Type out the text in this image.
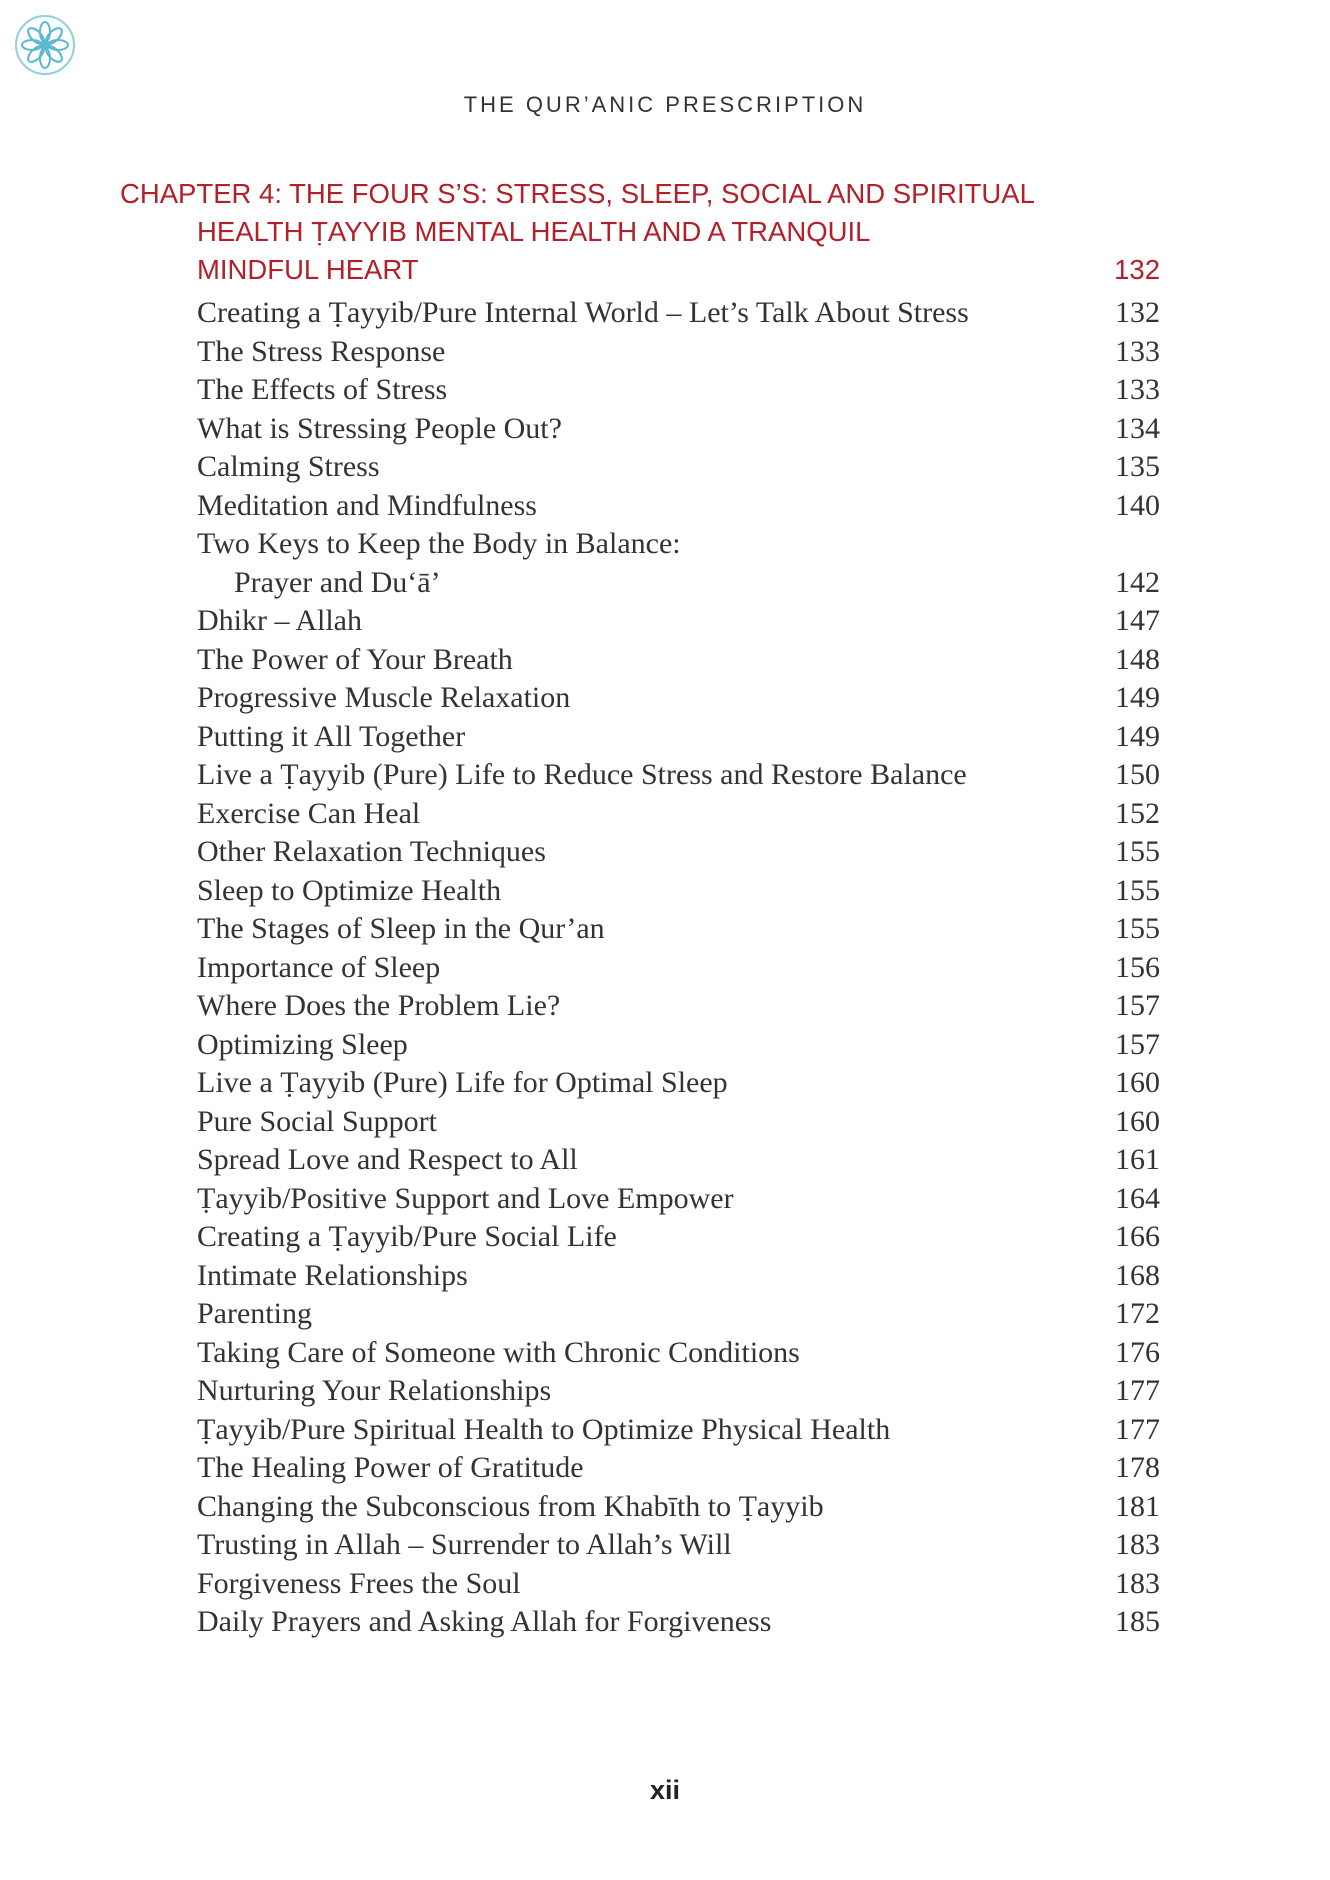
THE QUR’ANIC PRESCRIPTION
CHAPTER 4: THE FOUR S’S: STRESS, SLEEP, SOCIAL AND SPIRITUAL
HEALTH ṬAYYIB MENTAL HEALTH AND A TRANQUIL
MINDFUL HEART	132
Creating a Ṭayyib/Pure Internal World – Let’s Talk About Stress	132
The Stress Response	133
The Effects of Stress	133
What is Stressing People Out?	134
Calming Stress	135
Meditation and Mindfulness	140
Two Keys to Keep the Body in Balance:
Prayer and Du‘ā’	142
Dhikr – Allah	147
The Power of Your Breath	148
Progressive Muscle Relaxation	149
Putting it All Together	149
Live a Ṭayyib (Pure) Life to Reduce Stress and Restore Balance	150
Exercise Can Heal	152
Other Relaxation Techniques	155
Sleep to Optimize Health	155
The Stages of Sleep in the Qur’an	155
Importance of Sleep	156
Where Does the Problem Lie?	157
Optimizing Sleep	157
Live a Ṭayyib (Pure) Life for Optimal Sleep	160
Pure Social Support	160
Spread Love and Respect to All	161
Ṭayyib/Positive Support and Love Empower	164
Creating a Ṭayyib/Pure Social Life	166
Intimate Relationships	168
Parenting	172
Taking Care of Someone with Chronic Conditions	176
Nurturing Your Relationships	177
Ṭayyib/Pure Spiritual Health to Optimize Physical Health	177
The Healing Power of Gratitude	178
Changing the Subconscious from Khabīth to Ṭayyib	181
Trusting in Allah – Surrender to Allah’s Will	183
Forgiveness Frees the Soul	183
Daily Prayers and Asking Allah for Forgiveness	185
xii
